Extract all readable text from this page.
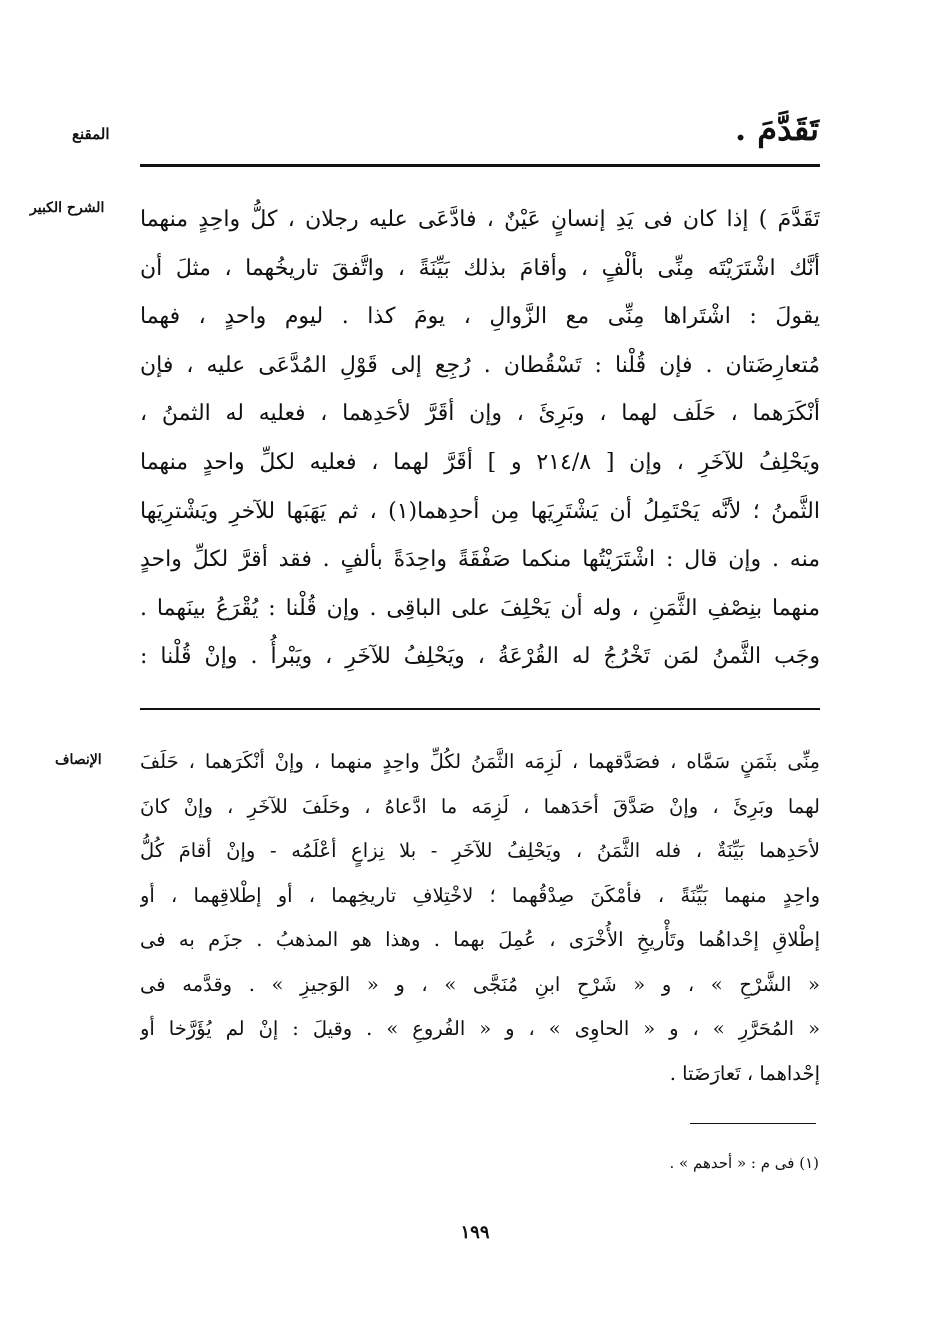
تَقَدَّمَ .
المقنع
الشرح الكبير تَقَدَّمَ ) إذا كان فى يَدِ إنسانٍ عَيْنٌ ، فادَّعَى عليه رجلان ، كلُّ واحِدٍ منهما
أنَّك اشْتَرَيْتَه مِنِّى بألْفٍ ، وأقامَ بذلك بَيِّنَةً ، واتَّفقَ تاريخُهما ، مثلَ أن
يقولَ : اشْتَراها مِنِّى مع الزَّوالِ ، يومَ كذا . ليوم واحدٍ ، فهما
مُتعارِضَتان . فإن قُلْنا : تَسْقُطان . رُجِع إلى قَوْلِ المُدَّعَى عليه ، فإن
أنْكَرَهما ، حَلَف لهما ، وبَرِئَ ، وإن أقَرَّ لأحَدِهما ، فعليه له الثمنُ ،
ويَحْلِفُ للآخَرِ ، وإن [ ٢١٤/٨ و ] أقَرَّ لهما ، فعليه لكلِّ واحدٍ منهما
الثَّمنُ ؛ لأنَّه يَحْتَمِلُ أن يَشْتَرِيَها مِن أحدِهما(١) ، ثم يَهَبَها للآخرِ ويَشْترِيَها
منه . وإن قال : اشْتَرَيْتُها منكما صَفْقَةً واحِدَةً بألفٍ . فقد أقرَّ لكلِّ واحدٍ
منهما بنِصْفِ الثَّمَنِ ، وله أن يَحْلِفَ على الباقِى . وإن قُلْنا : يُقْرَعُ بينَهما .
وجَب الثَّمنُ لمَن تَخْرُجُ له القُرْعَةُ ، ويَحْلِفُ للآخَرِ ، ويَبْرأُ . وإنْ قُلْنا :
الإنصاف مِنِّى بثَمَنٍ سَمَّاه ، فصَدَّقهما ، لَزِمَه الثَّمَنُ لكُلِّ واحِدٍ منهما ، وإنْ أنْكَرَهما ، حَلَفَ
لهما وبَرِئَ ، وإنْ صَدَّقَ أحَدَهما ، لَزِمَه ما ادَّعاهُ ، وحَلَفَ للآخَرِ ، وإنْ كانَ
لأحَدِهما بَيِّنَةٌ ، فله الثَّمَنُ ، ويَحْلِفُ للآخَرِ - بلا نِزاعٍ أعْلَمُه - وإنْ أقامَ كُلُّ
واحِدٍ منهما بَيِّنَةً ، فأمْكَنَ صِدْقُهما ؛ لاخْتِلافِ تاريخِهما ، أو إطْلاقِهما ، أو
إطْلاقِ إحْداهُما وتَأْريخِ الأُخْرَى ، عُمِلَ بهما . وهذا هو المذهبُ . جزَم به فى
« الشَّرْحِ » ، و « شَرْحِ ابنِ مُنَجَّى » ، و « الوَجيزِ » . وقدَّمه فى
« المُحَرَّرِ » ، و « الحاوِى » ، و « الفُروعِ » . وقيلَ : إنْ لم يُؤَرَّخا أو
إحْداهما ، تَعارَضَتا .
(١) فى م : « أحدهم » .
١٩٩
